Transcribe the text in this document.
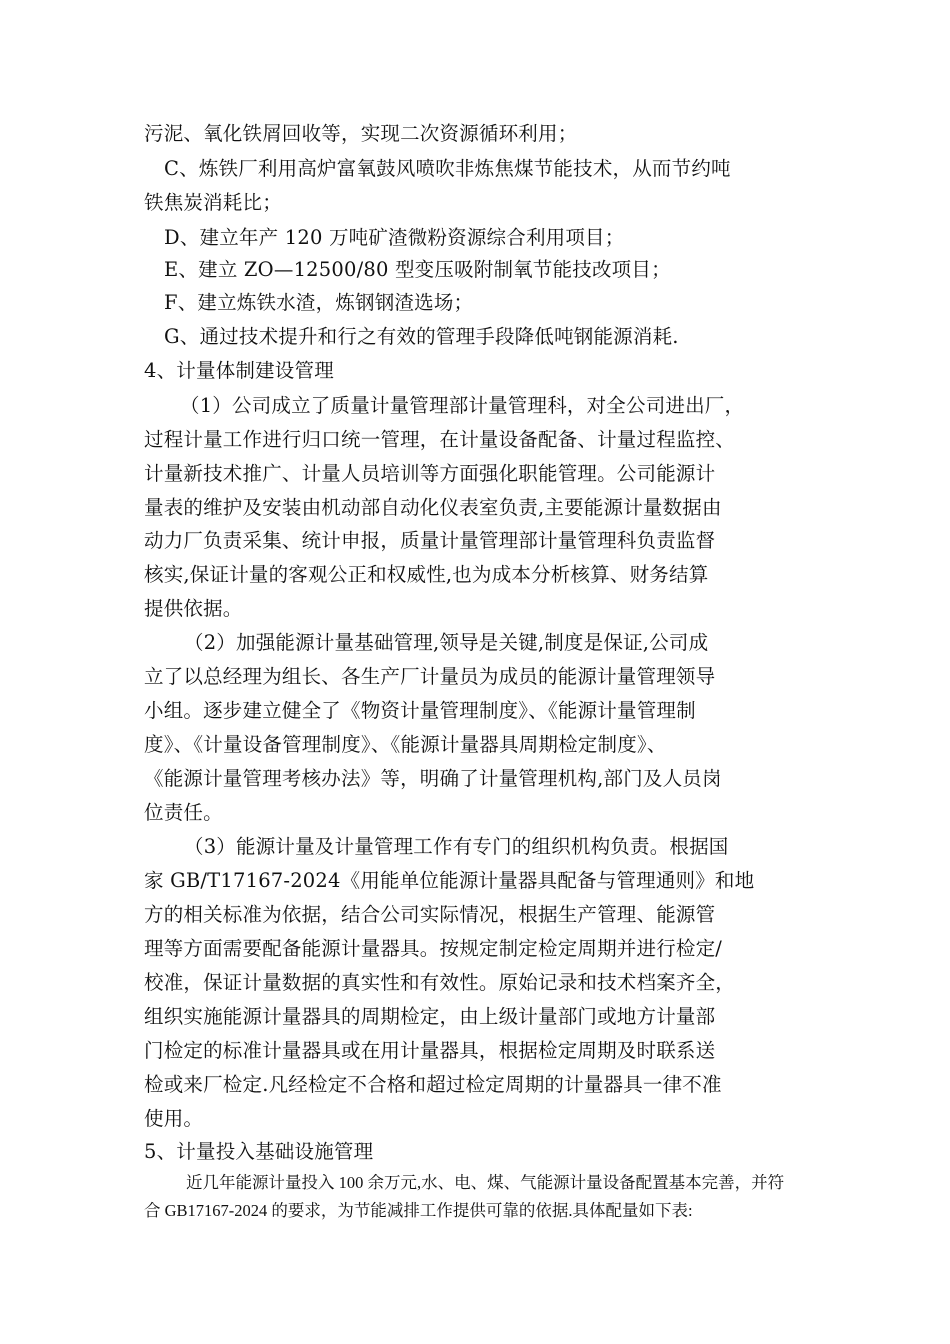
污泥、氧化铁屑回收等，实现二次资源循环利用；
C、炼铁厂利用高炉富氧鼓风喷吹非炼焦煤节能技术，从而节约吨
铁焦炭消耗比；
D、建立年产 120 万吨矿渣微粉资源综合利用项目；
E、建立 ZO—12500/80 型变压吸附制氧节能技改项目；
F、建立炼铁水渣，炼钢钢渣选场；
G、通过技术提升和行之有效的管理手段降低吨钢能源消耗.
4、计量体制建设管理
（1）公司成立了质量计量管理部计量管理科，对全公司进出厂，
过程计量工作进行归口统一管理，在计量设备配备、计量过程监控、
计量新技术推广、计量人员培训等方面强化职能管理。公司能源计
量表的维护及安装由机动部自动化仪表室负责,主要能源计量数据由
动力厂负责采集、统计申报，质量计量管理部计量管理科负责监督
核实,保证计量的客观公正和权威性,也为成本分析核算、财务结算
提供依据。
（2）加强能源计量基础管理,领导是关键,制度是保证,公司成
立了以总经理为组长、各生产厂计量员为成员的能源计量管理领导
小组。逐步建立健全了《物资计量管理制度》、《能源计量管理制
度》、《计量设备管理制度》、《能源计量器具周期检定制度》、
《能源计量管理考核办法》等，明确了计量管理机构,部门及人员岗
位责任。
（3）能源计量及计量管理工作有专门的组织机构负责。根据国
家 GB/T17167-2024《用能单位能源计量器具配备与管理通则》和地
方的相关标准为依据，结合公司实际情况，根据生产管理、能源管
理等方面需要配备能源计量器具。按规定制定检定周期并进行检定/
校准，保证计量数据的真实性和有效性。原始记录和技术档案齐全，
组织实施能源计量器具的周期检定，由上级计量部门或地方计量部
门检定的标准计量器具或在用计量器具，根据检定周期及时联系送
检或来厂检定.凡经检定不合格和超过检定周期的计量器具一律不准
使用。
5、计量投入基础设施管理
近几年能源计量投入 100 余万元,水、电、煤、气能源计量设备配置基本完善，并符
合 GB17167-2024 的要求，为节能减排工作提供可靠的依据.具体配量如下表:
